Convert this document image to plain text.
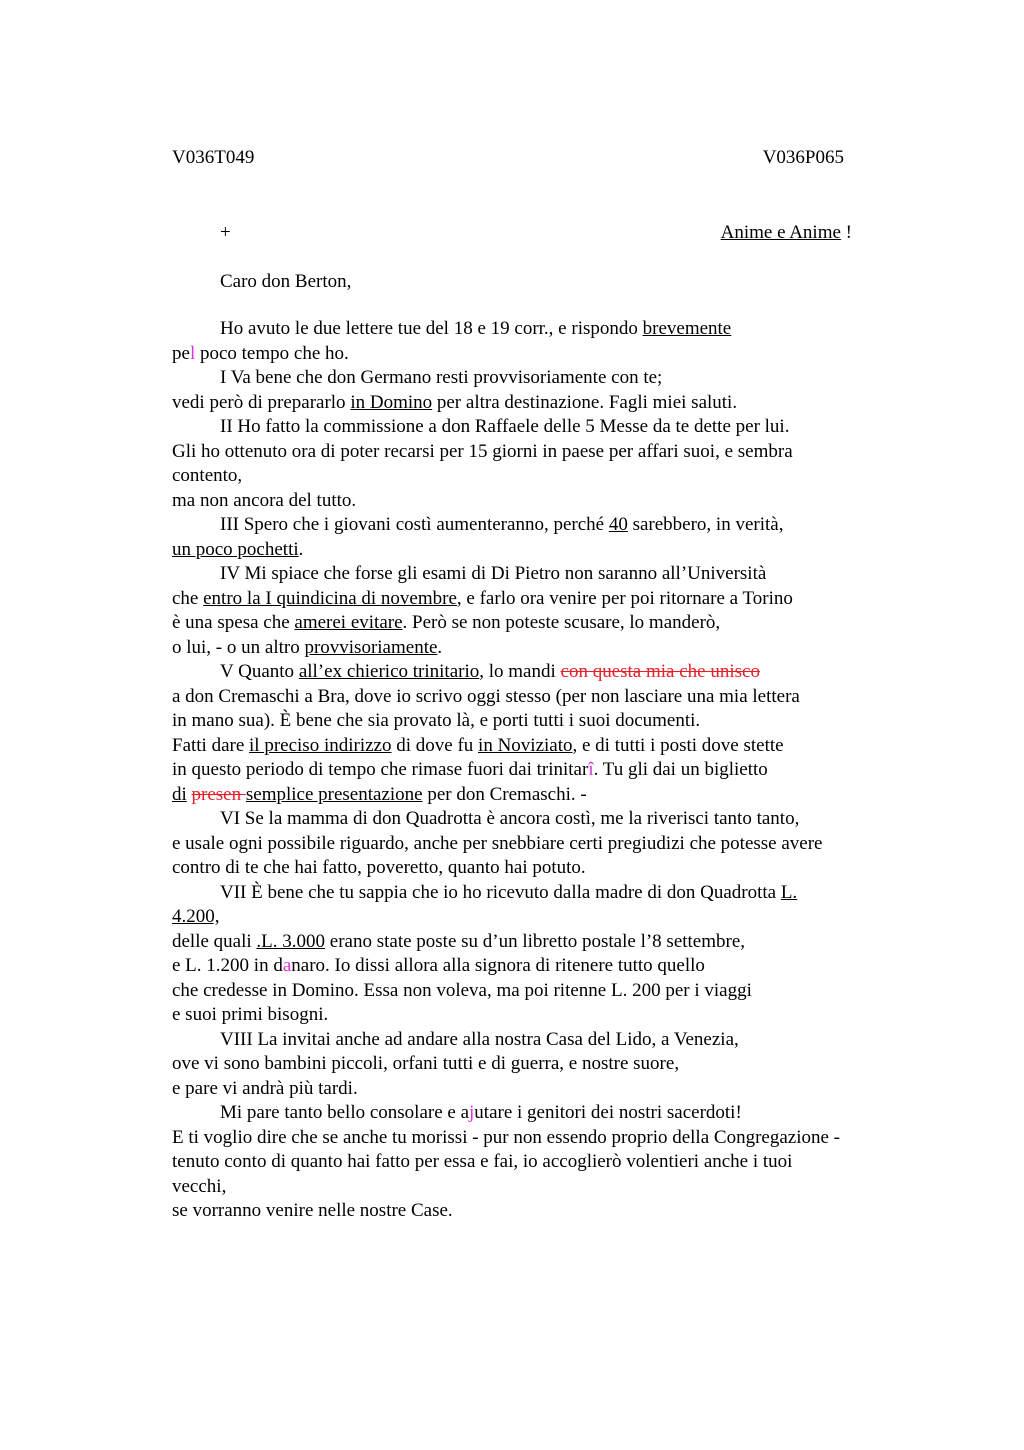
V036T049	V036P065
+	Anime e Anime !
Caro don Berton,
Ho avuto le due lettere tue del 18 e 19 corr., e rispondo brevemente
pel poco tempo che ho.
I Va bene che don Germano resti provvisoriamente con te;
vedi però di prepararlo in Domino per altra destinazione. Fagli miei saluti.
II Ho fatto la commissione a don Raffaele delle 5 Messe da te dette per lui.
Gli ho ottenuto ora di poter recarsi per 15 giorni in paese per affari suoi, e sembra
contento,
ma non ancora del tutto.
III Spero che i giovani costì aumenteranno, perché 40 sarebbero, in verità,
un poco pochetti.
IV Mi spiace che forse gli esami di Di Pietro non saranno all’Università
che entro la I quindicina di novembre, e farlo ora venire per poi ritornare a Torino
è una spesa che amerei evitare. Però se non poteste scusare, lo manderò,
o lui, - o un altro provvisoriamente.
V Quanto all’ex chierico trinitario, lo mandi con questa mia che unisco
a don Cremaschi a Bra, dove io scrivo oggi stesso (per non lasciare una mia lettera
in mano sua). È bene che sia provato là, e porti tutti i suoi documenti.
Fatti dare il preciso indirizzo di dove fu in Noviziato, e di tutti i posti dove stette
in questo periodo di tempo che rimase fuori dai trinitarî. Tu gli dai un biglietto
di presen semplice presentazione per don Cremaschi. -
VI Se la mamma di don Quadrotta è ancora costì, me la riverisci tanto tanto,
e usale ogni possibile riguardo, anche per snebbiare certi pregiudizi che potesse avere
contro di te che hai fatto, poveretto, quanto hai potuto.
VII È bene che tu sappia che io ho ricevuto dalla madre di don Quadrotta L.
4.200,
delle quali .L. 3.000 erano state poste su d’un libretto postale l’8 settembre,
e L. 1.200 in danaro. Io dissi allora alla signora di ritenere tutto quello
che credesse in Domino. Essa non voleva, ma poi ritenne L. 200 per i viaggi
e suoi primi bisogni.
VIII La invitai anche ad andare alla nostra Casa del Lido, a Venezia,
ove vi sono bambini piccoli, orfani tutti e di guerra, e nostre suore,
e pare vi andrà più tardi.
Mi pare tanto bello consolare e ajutare i genitori dei nostri sacerdoti!
E ti voglio dire che se anche tu morissi - pur non essendo proprio della Congregazione -
tenuto conto di quanto hai fatto per essa e fai, io accoglierò volentieri anche i tuoi
vecchi,
se vorranno venire nelle nostre Case.
